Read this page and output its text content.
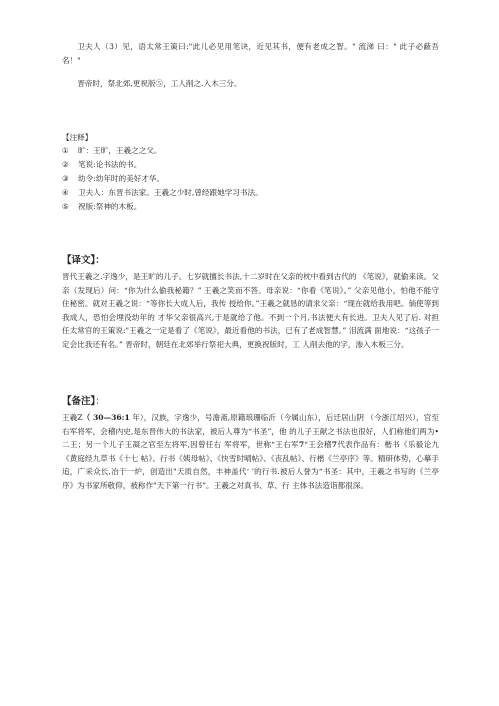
卫夫人（3）见，语太常王策曰:"此儿必见用笔诀，近见其书，便有老成之智。" 流涕 曰：" 此子必蔽吾名！"

晋帝时，祭北郊,更祝版⑤，工人削之.入木三分。

【注释】

①	旷：王旷，王羲之之父。
②	笔说:论书法的书。
③	幼令:幼年时的美好才华。
④	卫夫人：东晋书法家。王羲之少时,曾经跟她学习书法。
⑤	祝版:祭神的木板。

【译文】：

晋代王羲之.字逸少，是王旷的儿子。七岁就擅长书法,十二岁时在父亲的枕中看到古代的 《笔说》，就偷来读。父亲（发现后）问：“你为什么偷我秘籍？” 王羲之笑而不答。母亲说：“你看《笔说》。” 父亲见他小，怕他不能守住秘密。就对王羲之说：“等你长大成人后，我传 授给你。”王羲之就恳的请求父亲：“现在就给我用吧。倘使等到我成人，恐怕会埋没幼年的 才华父亲很高兴,于是就给了他。不到一个月,书法便大有长进。卫夫人见了后. 对担 任太常官的王策说:"王羲之一定是看了《笔说》，最近看他的书法，已有了老成智慧。” 泪流满 面地说：“这孩子一定会比我还有名。” 晋帝时，朝廷在北郊举行祭祀大典，更换祝版时，工 人削去他的字，渗入木板三分。

【备注】：

王羲Z（ 30—36:1 年），汉族，字逸少，号澹斋,原籍琅珊临沂（今属山东），后迁居山阴 （今浙江绍兴），官至右军将军，会稽内史,是东晋伟大的书法家，被后人尊为“书圣”，他 的儿子王献之书法也很好，人们称他们两为•二王；另一个儿子王凝之官至左将军,因曾任右 军将军，世称“王右军7“王会稽7代表作品有：楷书《乐毅论九《黄庭经九草书《十七 帖》、行书《姨母帖》、《快雪时晴帖》、《丧乱帖》、行楷《兰亭序》等。精研体势，心摹手追，广采众长,冶于一炉，创造出"天质自然，丰神盖代‘ ’的行书.被后人誉为“书圣：其中，王羲之书写的《兰亭序》为书家所敬仰，被称作"天下第一行书”。王羲之对真书、草、行 主体书法造诣都很深。
